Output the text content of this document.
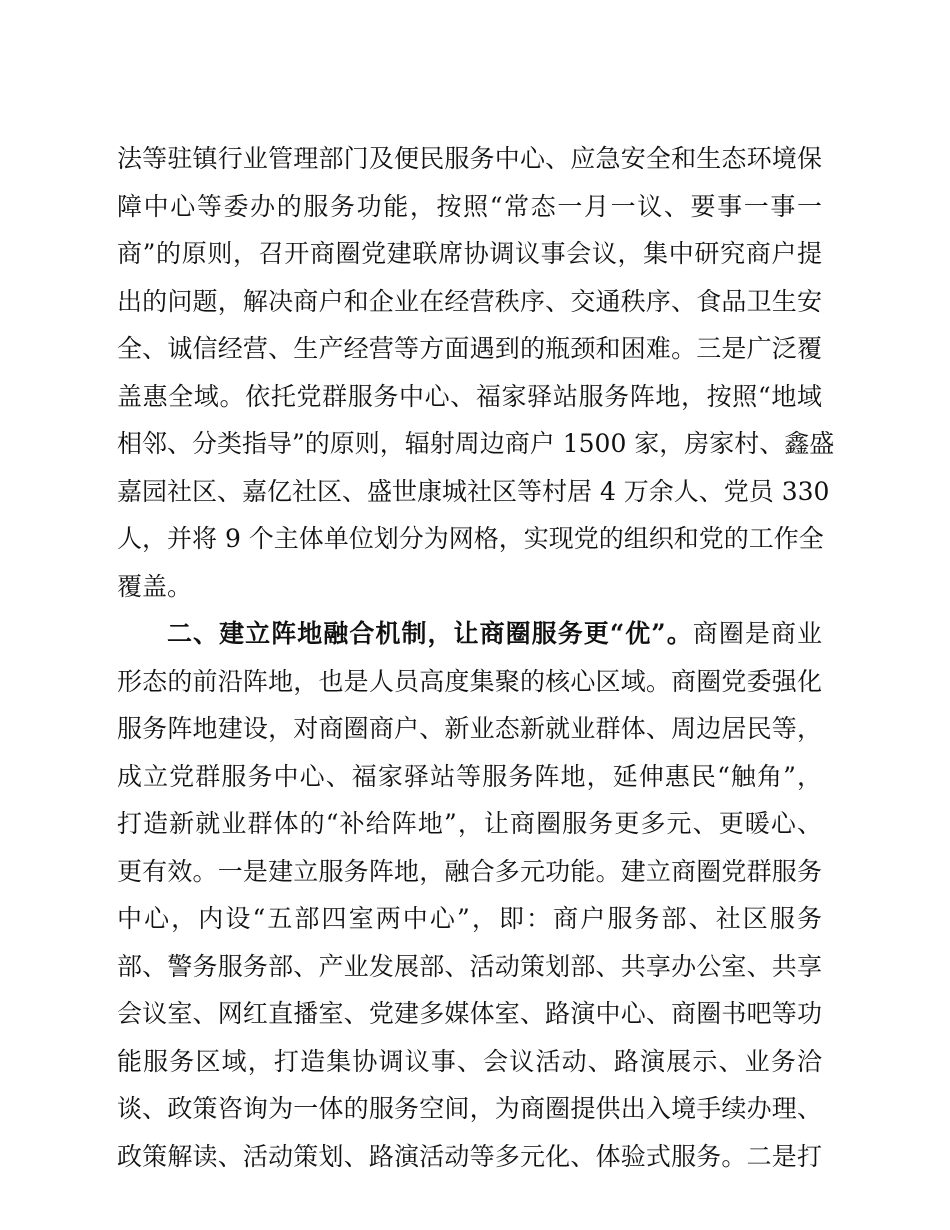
法等驻镇行业管理部门及便民服务中心、应急安全和生态环境保
障中心等委办的服务功能，按照“常态一月一议、要事一事一
商”的原则，召开商圈党建联席协调议事会议，集中研究商户提
出的问题，解决商户和企业在经营秩序、交通秩序、食品卫生安
全、诚信经营、生产经营等方面遇到的瓶颈和困难。三是广泛覆
盖惠全域。依托党群服务中心、福家驿站服务阵地，按照“地域
相邻、分类指导”的原则，辐射周边商户 1500 家，房家村、鑫盛
嘉园社区、嘉亿社区、盛世康城社区等村居 4 万余人、党员 330
人，并将 9 个主体单位划分为网格，实现党的组织和党的工作全
覆盖。
二、建立阵地融合机制，让商圈服务更“优”。商圈是商业
形态的前沿阵地，也是人员高度集聚的核心区域。商圈党委强化
服务阵地建设，对商圈商户、新业态新就业群体、周边居民等，
成立党群服务中心、福家驿站等服务阵地，延伸惠民“触角”，
打造新就业群体的“补给阵地”，让商圈服务更多元、更暖心、
更有效。一是建立服务阵地，融合多元功能。建立商圈党群服务
中心，内设“五部四室两中心”，即：商户服务部、社区服务
部、警务服务部、产业发展部、活动策划部、共享办公室、共享
会议室、网红直播室、党建多媒体室、路演中心、商圈书吧等功
能服务区域，打造集协调议事、会议活动、路演展示、业务洽
谈、政策咨询为一体的服务空间，为商圈提供出入境手续办理、
政策解读、活动策划、路演活动等多元化、体验式服务。二是打
